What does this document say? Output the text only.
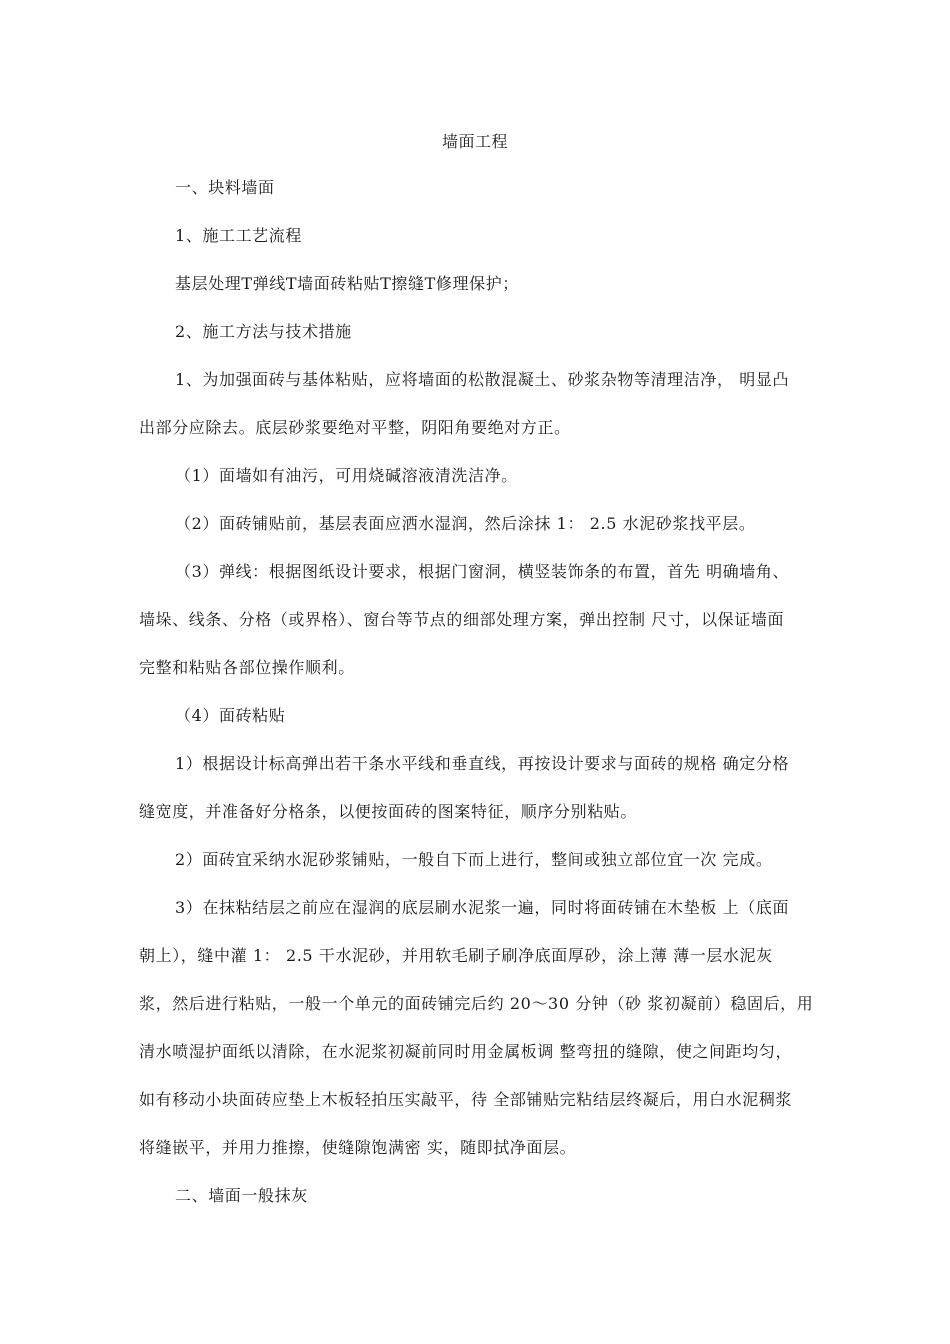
墙面工程
一、块料墙面
1、施工工艺流程
基层处理T弹线T墙面砖粘贴T擦缝T修理保护；
2、施工方法与技术措施
1、为加强面砖与基体粘贴，应将墙面的松散混凝土、砂浆杂物等清理洁净， 明显凸
出部分应除去。底层砂浆要绝对平整，阴阳角要绝对方正。
（1）面墙如有油污，可用烧碱溶液清洗洁净。
（2）面砖铺贴前，基层表面应洒水湿润，然后涂抹 1： 2.5 水泥砂浆找平层。
（3）弹线：根据图纸设计要求，根据门窗洞，横竖装饰条的布置，首先 明确墙角、
墙垛、线条、分格（或界格）、窗台等节点的细部处理方案，弹出控制 尺寸，以保证墙面
完整和粘贴各部位操作顺利。
（4）面砖粘贴
1）根据设计标高弹出若干条水平线和垂直线，再按设计要求与面砖的规格 确定分格
缝宽度，并准备好分格条，以便按面砖的图案特征，顺序分别粘贴。
2）面砖宜采纳水泥砂浆铺贴，一般自下而上进行，整间或独立部位宜一次 完成。
3）在抹粘结层之前应在湿润的底层刷水泥浆一遍，同时将面砖铺在木垫板 上（底面
朝上），缝中灌 1： 2.5 干水泥砂，并用软毛刷子刷净底面厚砂，涂上薄 薄一层水泥灰
浆，然后进行粘贴，一般一个单元的面砖铺完后约 20〜30 分钟（砂 浆初凝前）稳固后，用
清水喷湿护面纸以清除，在水泥浆初凝前同时用金属板调 整弯扭的缝隙，使之间距均匀，
如有移动小块面砖应垫上木板轻拍压实敲平，待 全部铺贴完粘结层终凝后，用白水泥稠浆
将缝嵌平，并用力推擦，使缝隙饱满密 实，随即拭净面层。
二、墙面一般抹灰
